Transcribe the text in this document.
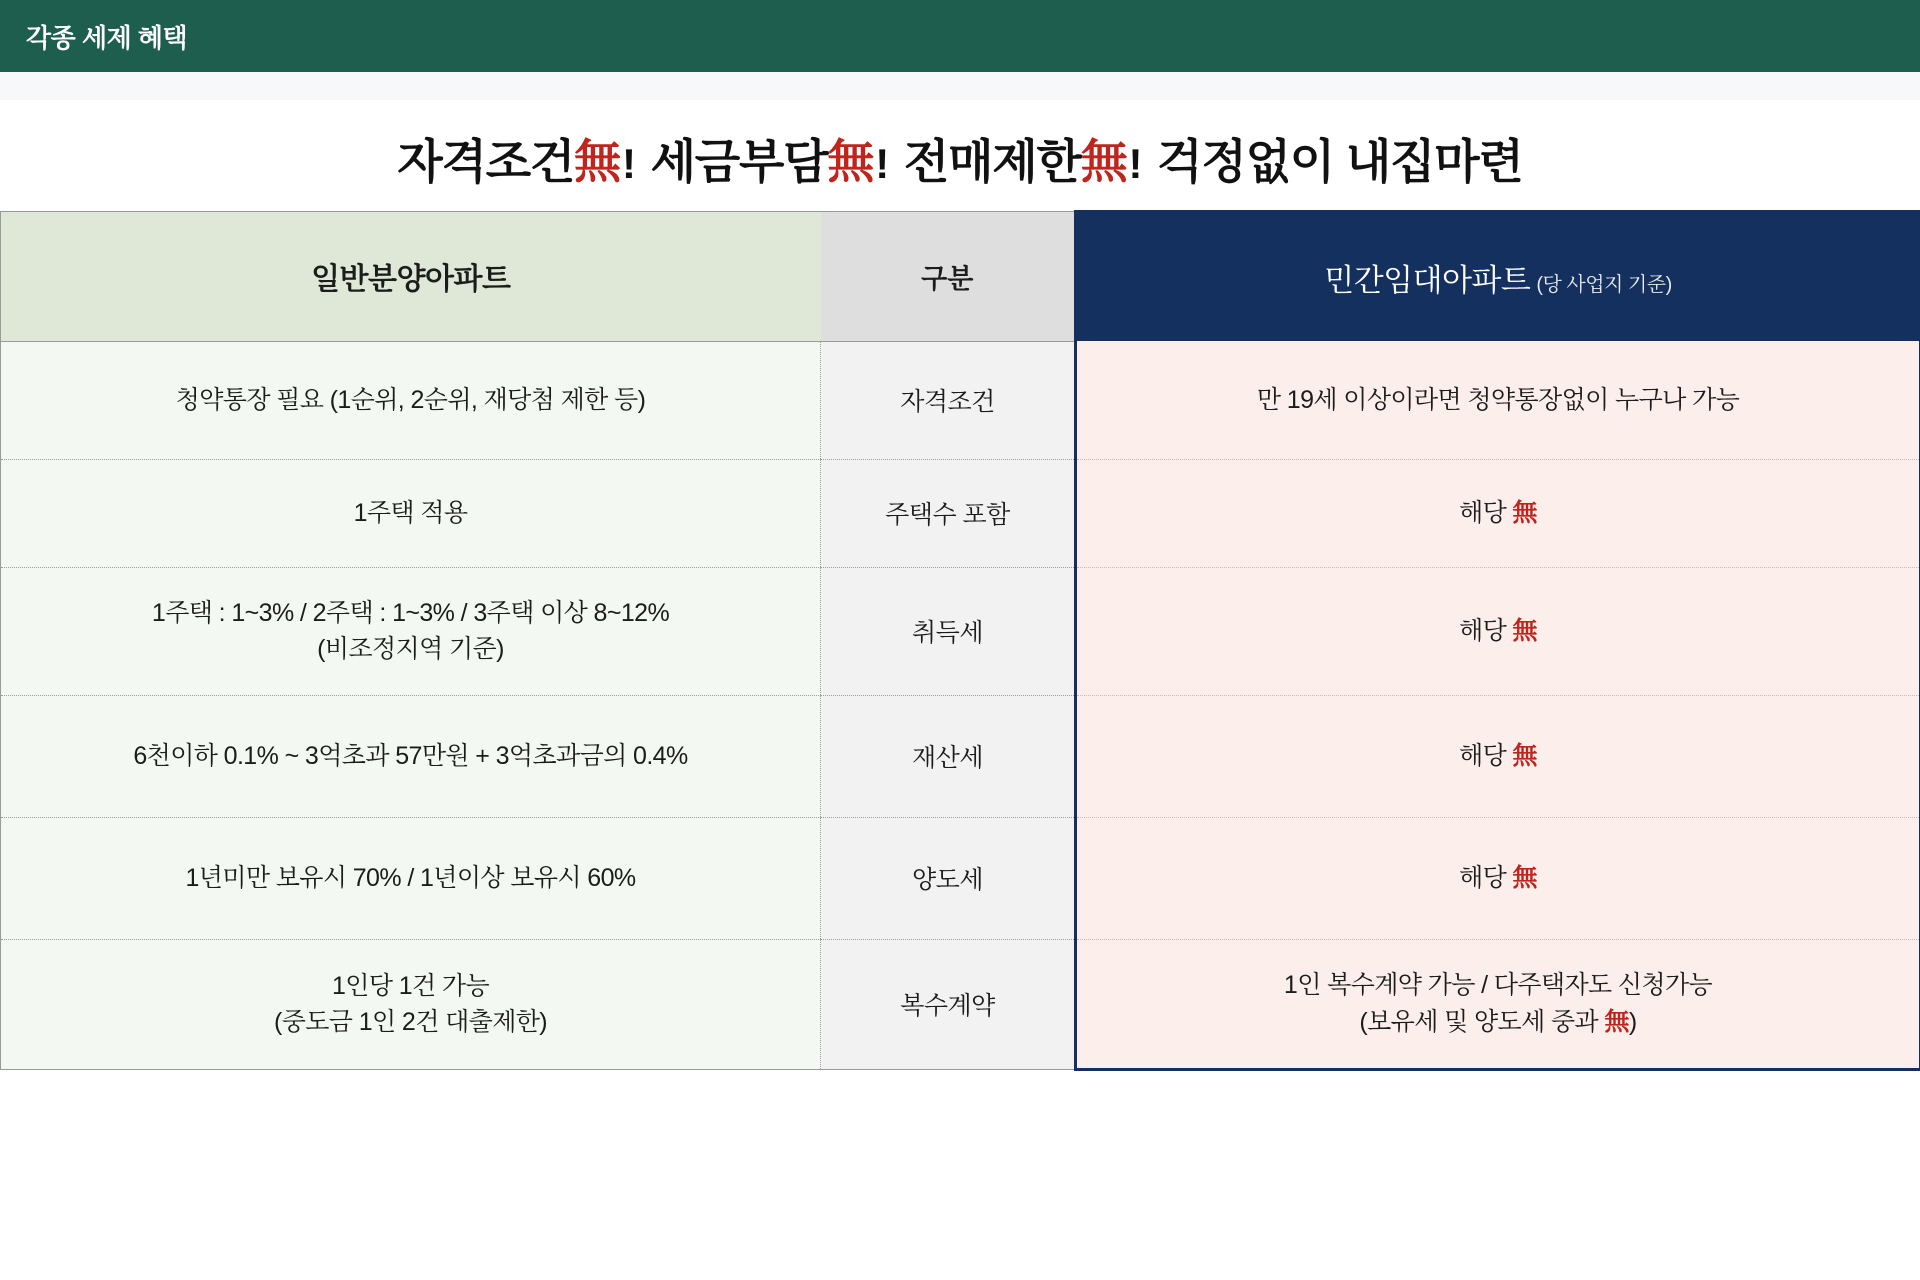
각종 세제 혜택
자격조건無! 세금부담無! 전매제한無! 걱정없이 내집마련
일반분양아파트	구분	민간임대아파트 (당 사업지 기준)

청약통장 필요 (1순위, 2순위, 재당첨 제한 등)	자격조건	만 19세 이상이라면 청약통장없이 누구나 가능

1주택 적용	주택수 포함	해당 無

1주택 : 1~3% / 2주택 : 1~3% / 3주택 이상 8~12%
(비조정지역 기준)	취득세	해당 無

6천이하 0.1% ~ 3억초과 57만원 + 3억초과금의 0.4%	재산세	해당 無

1년미만 보유시 70% / 1년이상 보유시 60%	양도세	해당 無

1인당 1건 가능
(중도금 1인 2건 대출제한)	복수계약	1인 복수계약 가능 / 다주택자도 신청가능
(보유세 및 양도세 중과 無)
